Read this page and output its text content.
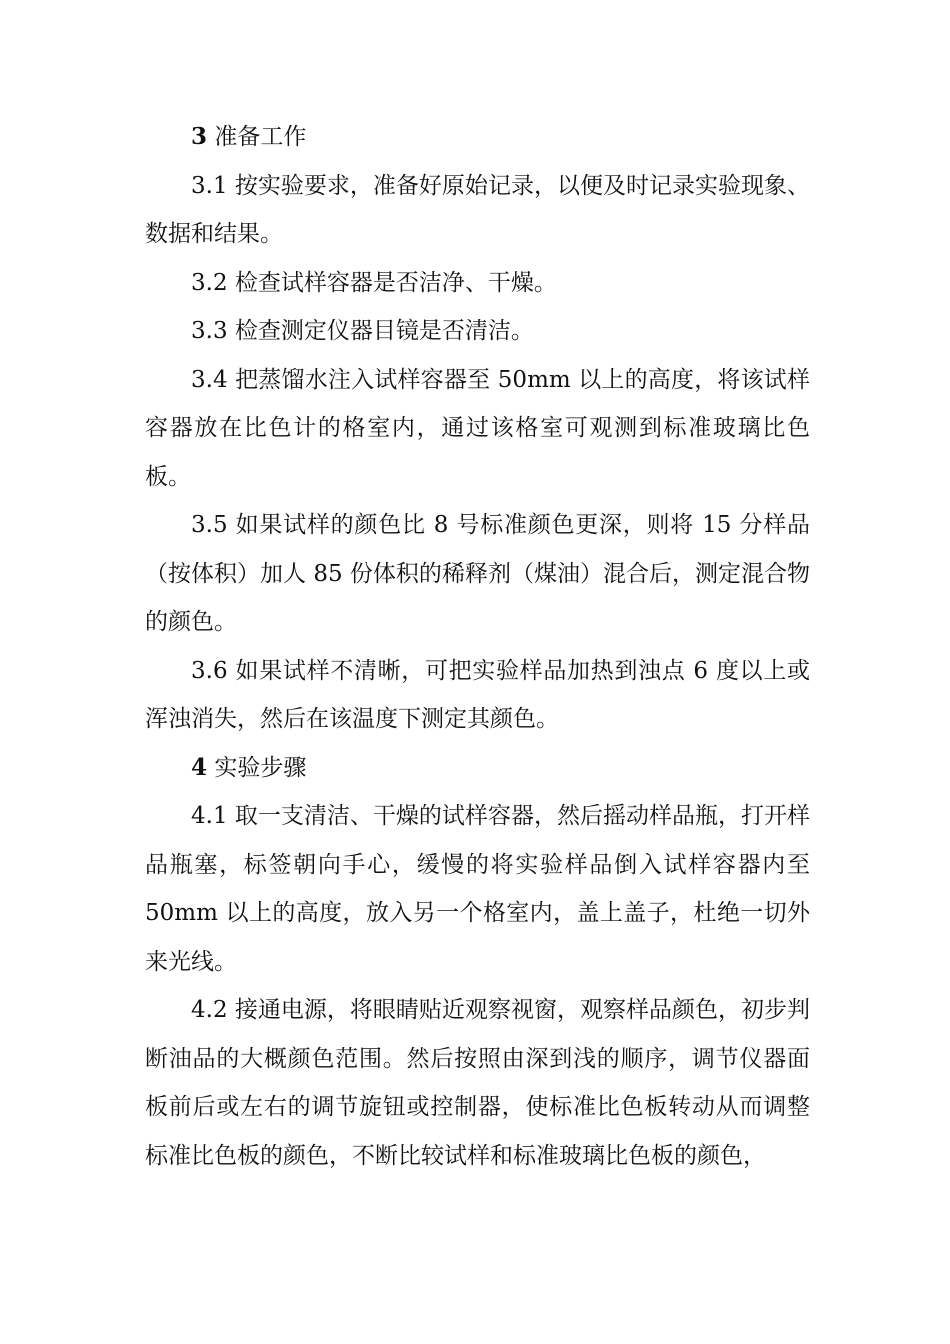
3 准备工作

3.1 按实验要求，准备好原始记录，以便及时记录实验现象、数据和结果。

3.2 检查试样容器是否洁净、干燥。

3.3 检查测定仪器目镜是否清洁。

3.4 把蒸馏水注入试样容器至 50mm 以上的高度，将该试样容器放在比色计的格室内，通过该格室可观测到标准玻璃比色板。

3.5 如果试样的颜色比 8 号标准颜色更深，则将 15 分样品（按体积）加人 85 份体积的稀释剂（煤油）混合后，测定混合物的颜色。

3.6 如果试样不清晰，可把实验样品加热到浊点 6 度以上或浑浊消失，然后在该温度下测定其颜色。

4 实验步骤

4.1 取一支清洁、干燥的试样容器，然后摇动样品瓶，打开样品瓶塞，标签朝向手心，缓慢的将实验样品倒入试样容器内至 50mm 以上的高度，放入另一个格室内，盖上盖子，杜绝一切外来光线。

4.2 接通电源，将眼睛贴近观察视窗，观察样品颜色，初步判断油品的大概颜色范围。然后按照由深到浅的顺序，调节仪器面板前后或左右的调节旋钮或控制器，使标准比色板转动从而调整标准比色板的颜色，不断比较试样和标准玻璃比色板的颜色，
